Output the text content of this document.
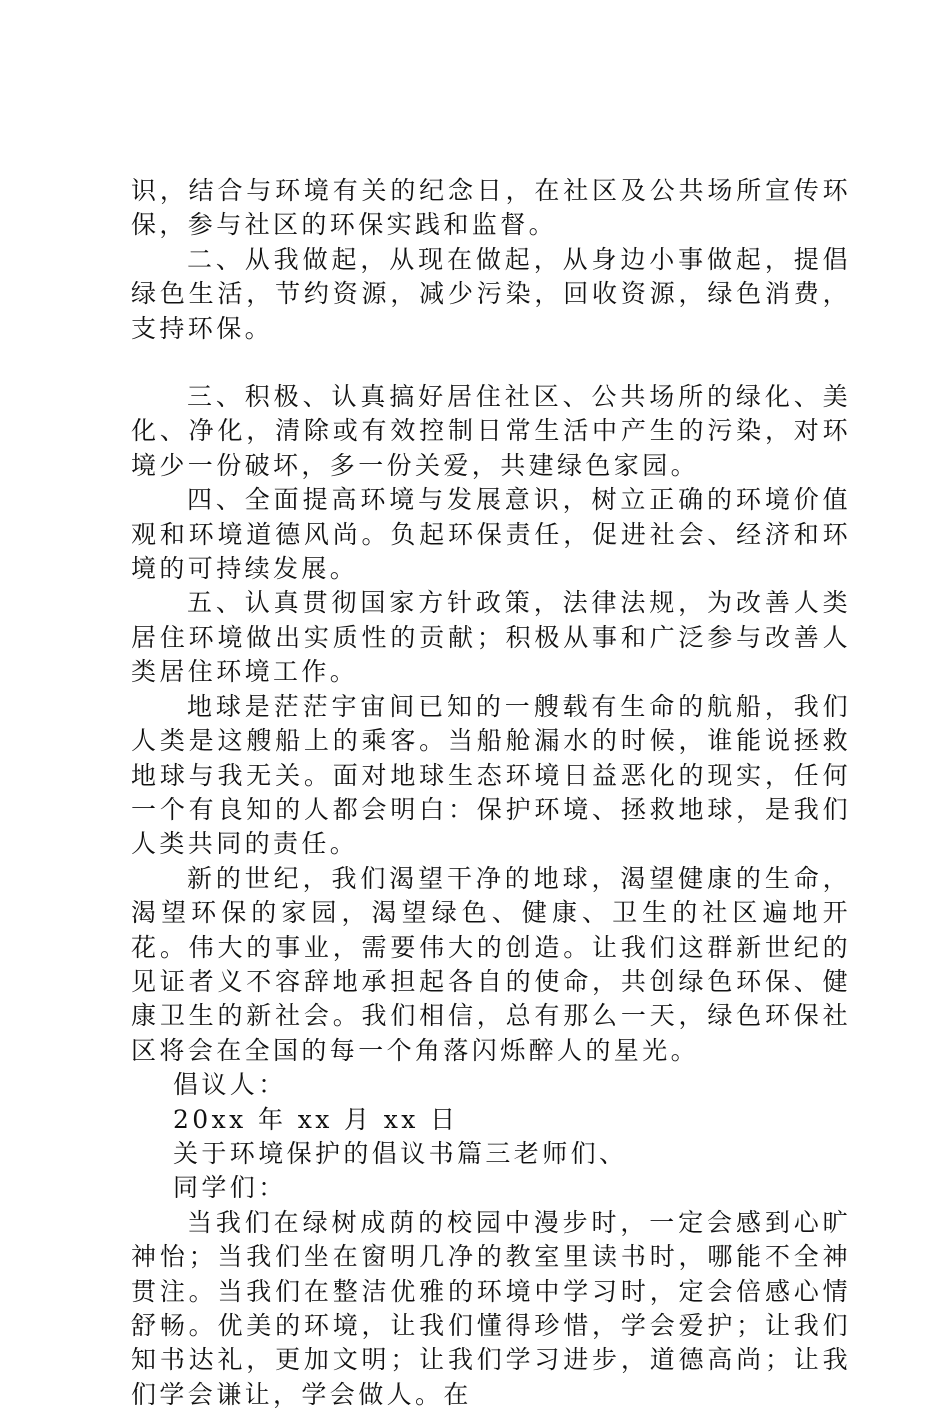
识，结合与环境有关的纪念日，在社区及公共场所宣传环保，参与社区的环保实践和监督。

二、从我做起，从现在做起，从身边小事做起，提倡绿色生活，节约资源，减少污染，回收资源，绿色消费，支持环保。

三、积极、认真搞好居住社区、公共场所的绿化、美化、净化，清除或有效控制日常生活中产生的污染，对环境少一份破坏，多一份关爱，共建绿色家园。

四、全面提高环境与发展意识，树立正确的环境价值观和环境道德风尚。负起环保责任，促进社会、经济和环境的可持续发展。

五、认真贯彻国家方针政策，法律法规，为改善人类居住环境做出实质性的贡献；积极从事和广泛参与改善人类居住环境工作。

地球是茫茫宇宙间已知的一艘载有生命的航船，我们人类是这艘船上的乘客。当船舱漏水的时候，谁能说拯救地球与我无关。面对地球生态环境日益恶化的现实，任何一个有良知的人都会明白：保护环境、拯救地球，是我们人类共同的责任。

新的世纪，我们渴望干净的地球，渴望健康的生命，渴望环保的家园，渴望绿色、健康、卫生的社区遍地开花。伟大的事业，需要伟大的创造。让我们这群新世纪的见证者义不容辞地承担起各自的使命，共创绿色环保、健康卫生的新社会。我们相信，总有那么一天，绿色环保社区将会在全国的每一个角落闪烁醉人的星光。

倡议人：

20xx 年 xx 月 xx 日

关于环境保护的倡议书篇三老师们、

同学们：

当我们在绿树成荫的校园中漫步时，一定会感到心旷神怡；当我们坐在窗明几净的教室里读书时，哪能不全神贯注。当我们在整洁优雅的环境中学习时，定会倍感心情舒畅。优美的环境，让我们懂得珍惜，学会爱护；让我们知书达礼，更加文明；让我们学习进步，道德高尚；让我们学会谦让，学会做人。在
